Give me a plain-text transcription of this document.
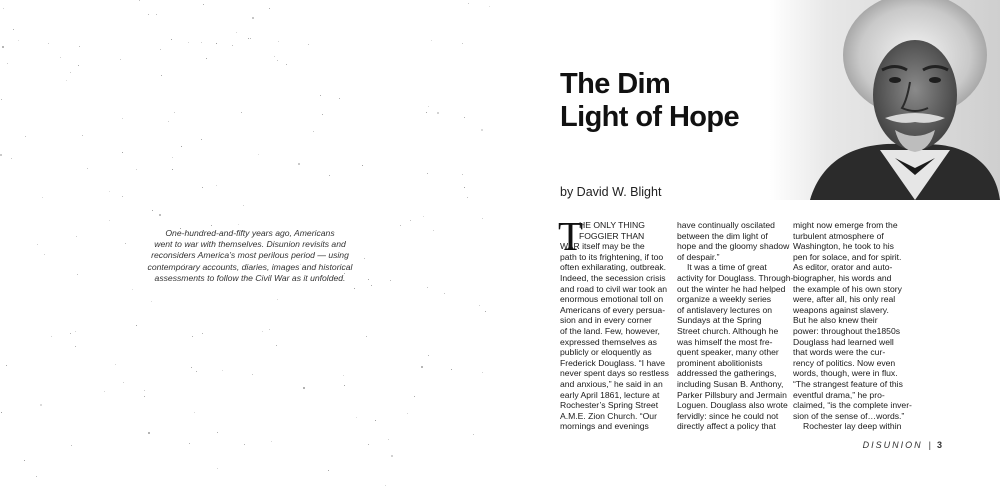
One-hundred-and-fifty years ago, Americans
went to war with themselves. Disunion revisits and
reconsiders America’s most perilous period — using
contemporary accounts, diaries, images and historical
assessments to follow the Civil War as it unfolded.
The Dim
Light of Hope
by David W. Blight
T
HE ONLY THING
FOGGIER THAN
WAR itself may be the
path to its frightening, if too
often exhilarating, outbreak.
Indeed, the secession crisis
and road to civil war took an
enormous emotional toll on
Americans of every persua-
sion and in every corner
of the land. Few, however,
expressed themselves as
publicly or eloquently as
Frederick Douglass. “I have
never spent days so restless
and anxious,” he said in an
early April 1861, lecture at
Rochester’s Spring Street
A.M.E. Zion Church. “Our
mornings and evenings
have continually oscilated
between the dim light of
hope and the gloomy shadow
of despair.”
It was a time of great
activity for Douglass. Through-
out the winter he had helped
organize a weekly series
of antislavery lectures on
Sundays at the Spring
Street church. Although he
was himself the most fre-
quent speaker, many other
prominent abolitionists
addressed the gatherings,
including Susan B. Anthony,
Parker Pillsbury and Jermain
Loguen. Douglass also wrote
fervidly: since he could not
directly affect a policy that
might now emerge from the
turbulent atmosphere of
Washington, he took to his
pen for solace, and for spirit.
As editor, orator and auto-
biographer, his words and
the example of his own story
were, after all, his only real
weapons against slavery.
But he also knew their
power: throughout the1850s
Douglass had learned well
that words were the cur-
rency of politics. Now even
words, though, were in flux.
“The strangest feature of this
eventful drama,” he pro-
claimed, “is the complete inver-
sion of the sense of…words.”
Rochester lay deep within
DISUNION | 3
